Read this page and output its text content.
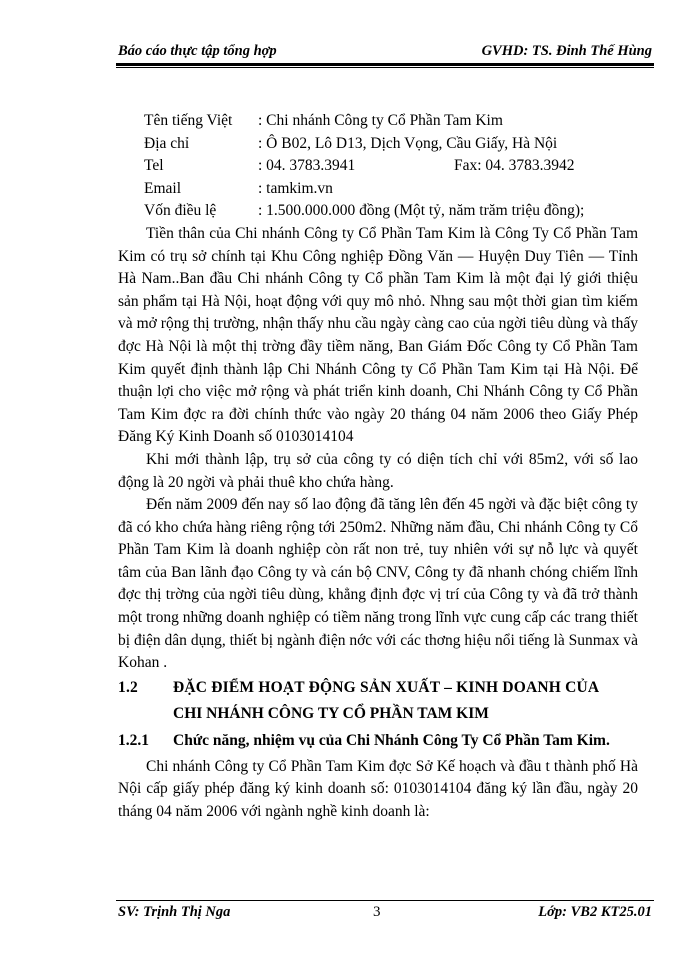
Báo cáo thực tập tổng hợp	GVHD: TS. Đinh Thế Hùng
Tên tiếng Việt : Chi nhánh Công ty Cổ Phần Tam Kim
Địa chỉ	: Ô B02, Lô D13, Dịch Vọng, Cầu Giấy, Hà Nội
Tel	: 04. 3783.3941	Fax: 04. 3783.3942
Email	: tamkim.vn
Vốn điều lệ	: 1.500.000.000 đồng (Một tỷ, năm trăm triệu đồng);

Tiền thân của Chi nhánh Công ty Cổ Phần Tam Kim là Công Ty Cổ Phần Tam Kim có trụ sở chính tại Khu Công nghiệp Đồng Văn — Huyện Duy Tiên — Tỉnh Hà Nam..Ban đầu Chi nhánh Công ty Cổ phần Tam Kim là một đại lý giới thiệu sản phẩm tại Hà Nội, hoạt động với quy mô nhỏ. Nhng sau một thời gian tìm kiếm và mở rộng thị trường, nhận thấy nhu cầu ngày càng cao của ngời tiêu dùng và thấy đợc Hà Nội là một thị trờng đầy tiềm năng, Ban Giám Đốc Công ty Cổ Phần Tam Kim quyết định thành lập Chi Nhánh Công ty Cổ Phần Tam Kim tại Hà Nội. Để thuận lợi cho việc mở rộng và phát triển kinh doanh, Chi Nhánh Công ty Cổ Phần Tam Kim đợc ra đời chính thức vào ngày 20 tháng 04 năm 2006 theo Giấy Phép Đăng Ký Kinh Doanh số 0103014104

Khi mới thành lập, trụ sở của công ty có diện tích chỉ với 85m2, với số lao động là 20 ngời và phải thuê kho chứa hàng.

Đến năm 2009 đến nay số lao động đã tăng lên đến 45 ngời và đặc biệt công ty đã có kho chứa hàng riêng rộng tới 250m2. Những năm đầu, Chi nhánh Công ty Cổ Phần Tam Kim là doanh nghiệp còn rất non trẻ, tuy nhiên với sự nỗ lực và quyết tâm của Ban lãnh đạo Công ty và cán bộ CNV, Công ty đã nhanh chóng chiếm lĩnh đợc thị trờng của ngời tiêu dùng, khẳng định đợc vị trí của Công ty và đã trở thành một trong những doanh nghiệp có tiềm năng trong lĩnh vực cung cấp các trang thiết bị điện dân dụng, thiết bị ngành điện nớc với các thơng hiệu nổi tiếng là Sunmax và Kohan .

1.2 ĐẶC ĐIỂM HOẠT ĐỘNG SẢN XUẤT – KINH DOANH CỦA
CHI NHÁNH CÔNG TY CỔ PHẦN TAM KIM
1.2.1 Chức năng, nhiệm vụ của Chi Nhánh Công Ty Cổ Phần Tam Kim.

Chi nhánh Công ty Cổ Phần Tam Kim đợc Sở Kế hoạch và đầu t thành phố Hà Nội cấp giấy phép đăng ký kinh doanh số: 0103014104 đăng ký lần đầu, ngày 20 tháng 04 năm 2006 với ngành nghề kinh doanh là:

SV: Trịnh Thị Nga	3	Lớp: VB2 KT25.01
